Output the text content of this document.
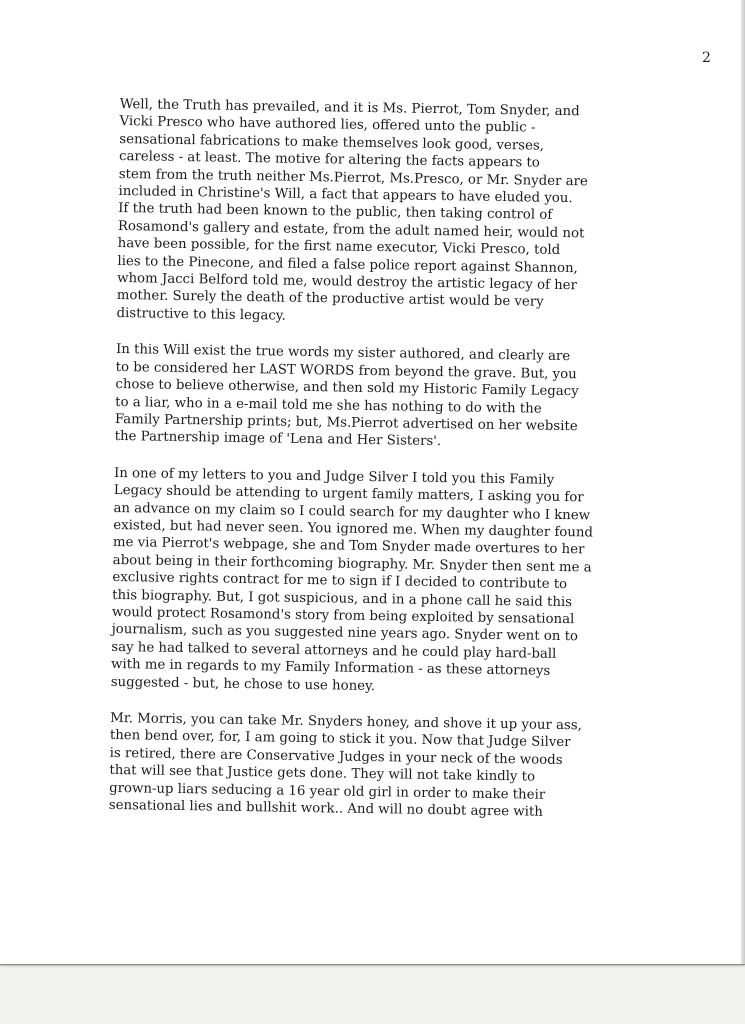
2
Well, the Truth has prevailed, and it is Ms. Pierrot, Tom Snyder, and
Vicki Presco who have authored lies, offered unto the public -
sensational fabrications to make themselves look good, verses,
careless - at least. The motive for altering the facts appears to
stem from the truth neither Ms.Pierrot, Ms.Presco, or Mr. Snyder are
included in Christine's Will, a fact that appears to have eluded you.
If the truth had been known to the public, then taking control of
Rosamond's gallery and estate, from the adult named heir, would not
have been possible, for the first name executor, Vicki Presco, told
lies to the Pinecone, and filed a false police report against Shannon,
whom Jacci Belford told me, would destroy the artistic legacy of her
mother. Surely the death of the productive artist would be very
distructive to this legacy.
In this Will exist the true words my sister authored, and clearly are
to be considered her LAST WORDS from beyond the grave. But, you
chose to believe otherwise, and then sold my Historic Family Legacy
to a liar, who in a e-mail told me she has nothing to do with the
Family Partnership prints; but, Ms.Pierrot advertised on her website
the Partnership image of 'Lena and Her Sisters'.
In one of my letters to you and Judge Silver I told you this Family
Legacy should be attending to urgent family matters, I asking you for
an advance on my claim so I could search for my daughter who I knew
existed, but had never seen. You ignored me. When my daughter found
me via Pierrot's webpage, she and Tom Snyder made overtures to her
about being in their forthcoming biography. Mr. Snyder then sent me a
exclusive rights contract for me to sign if I decided to contribute to
this biography. But, I got suspicious, and in a phone call he said this
would protect Rosamond's story from being exploited by sensational
journalism, such as you suggested nine years ago. Snyder went on to
say he had talked to several attorneys and he could play hard-ball
with me in regards to my Family Information - as these attorneys
suggested - but, he chose to use honey.
Mr. Morris, you can take Mr. Snyders honey, and shove it up your ass,
then bend over, for, I am going to stick it you. Now that Judge Silver
is retired, there are Conservative Judges in your neck of the woods
that will see that Justice gets done. They will not take kindly to
grown-up liars seducing a 16 year old girl in order to make their
sensational lies and bullshit work.. And will no doubt agree with
